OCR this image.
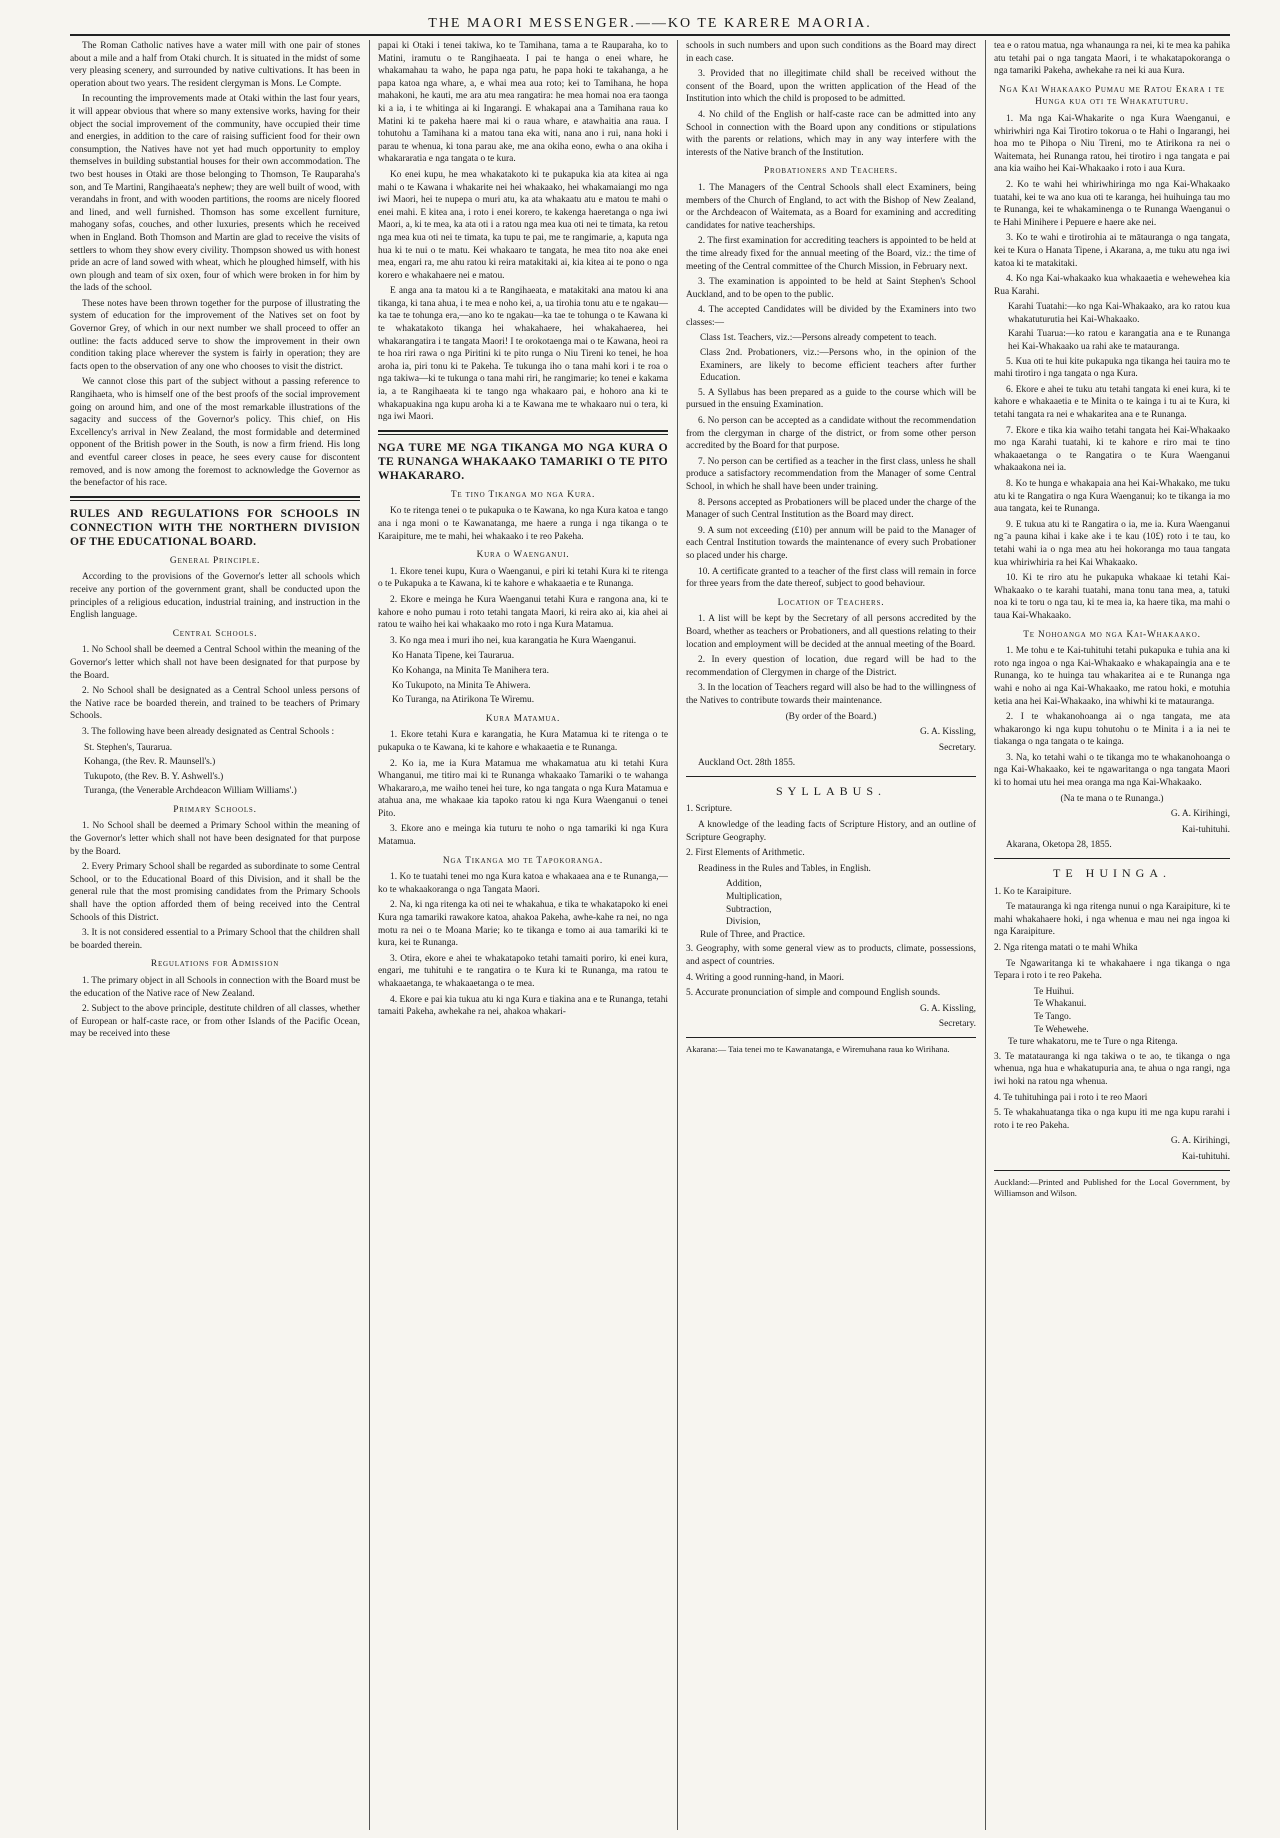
THE MAORI MESSENGER.——KO TE KARERE MAORIA.

The Roman Catholic natives have a water mill with one pair of stones about a mile and a half from Otaki church. It is situated in the midst of some very pleasing scenery, and surrounded by native cultivations. It has been in operation about two years. The resident clergyman is Mons. Le Compte.

In recounting the improvements made at Otaki within the last four years, it will appear obvious that where so many extensive works, having for their object the social improvement of the community, have occupied their time and energies, in addition to the care of raising sufficient food for their own consumption, the Natives have not yet had much opportunity to employ themselves in building substantial houses for their own accommodation. The two best houses in Otaki are those belonging to Thomson, Te Rauparaha's son, and Te Martini, Rangihaeata's nephew; they are well built of wood, with verandahs in front, and with wooden partitions, the rooms are nicely floored and lined, and well furnished. Thomson has some excellent furniture, mahogany sofas, couches, and other luxuries, presents which he received when in England. Both Thomson and Martin are glad to receive the visits of settlers to whom they show every civility. Thompson showed us with honest pride an acre of land sowed with wheat, which he ploughed himself, with his own plough and team of six oxen, four of which were broken in for him by the lads of the school.

These notes have been thrown together for the purpose of illustrating the system of education for the improvement of the Natives set on foot by Governor Grey, of which in our next number we shall proceed to offer an outline: the facts adduced serve to show the improvement in their own condition taking place wherever the system is fairly in operation; they are facts open to the observation of any one who chooses to visit the district.

We cannot close this part of the subject without a passing reference to Rangihaeta, who is himself one of the best proofs of the social improvement going on around him, and one of the most remarkable illustrations of the sagacity and success of the Governor's policy. This chief, on His Excellency's arrival in New Zealand, the most formidable and determined opponent of the British power in the South, is now a firm friend. His long and eventful career closes in peace, he sees every cause for discontent removed, and is now among the foremost to acknowledge the Governor as the benefactor of his race.

RULES AND REGULATIONS FOR SCHOOLS IN CONNECTION WITH THE NORTHERN DIVISION OF THE EDUCATIONAL BOARD.
General Principle.

According to the provisions of the Governor's letter all schools which receive any portion of the government grant, shall be conducted upon the principles of a religious education, industrial training, and instruction in the English language.

Central Schools.

1. No School shall be deemed a Central School within the meaning of the Governor's letter which shall not have been designated for that purpose by the Board.

2. No School shall be designated as a Central School unless persons of the Native race be boarded therein, and trained to be teachers of Primary Schools.

3. The following have been already designated as Central Schools :

St. Stephen's, Taurarua.

Kohanga, (the Rev. R. Maunsell's.)

Tukupoto, (the Rev. B. Y. Ashwell's.)

Turanga, (the Venerable Archdeacon William Williams'.)

Primary Schools.

1. No School shall be deemed a Primary School within the meaning of the Governor's letter which shall not have been designated for that purpose by the Board.

2. Every Primary School shall be regarded as subordinate to some Central School, or to the Educational Board of this Division, and it shall be the general rule that the most promising candidates from the Primary Schools shall have the option afforded them of being received into the Central Schools of this District.

3. It is not considered essential to a Primary School that the children shall be boarded therein.

Regulations for Admission

1. The primary object in all Schools in connection with the Board must be the education of the Native race of New Zealand.

2. Subject to the above principle, destitute children of all classes, whether of European or half-caste race, or from other Islands of the Pacific Ocean, may be received into these

papai ki Otaki i tenei takiwa, ko te Tamihana, tama a te Rauparaha, ko to Matini, iramutu o te Rangihaeata. I pai te hanga o enei whare, he whakamahau ta waho, he papa nga patu, he papa hoki te takahanga, a he papa katoa nga whare, a, e whai mea aua roto; kei to Tamihana, he hopa mahakoni, he kauti, me ara atu mea rangatira: he mea homai noa era taonga ki a ia, i te whitinga ai ki Ingarangi. E whakapai ana a Tamihana raua ko Matini ki te pakeha haere mai ki o raua whare, e atawhaitia ana raua. I tohutohu a Tamihana ki a matou tana eka witi, nana ano i rui, nana hoki i parau te whenua, ki tona parau ake, me ana okiha eono, ewha o ana okiha i whakararatia e nga tangata o te kura.

Ko enei kupu, he mea whakatakoto ki te pukapuka kia ata kitea ai nga mahi o te Kawana i whakarite nei hei whakaako, hei whakamaiangi mo nga iwi Maori, hei te nupepa o muri atu, ka ata whakaatu atu e matou te mahi o enei mahi. E kitea ana, i roto i enei korero, te kakenga haeretanga o nga iwi Maori, a, ki te mea, ka ata oti i a ratou nga mea kua oti nei te timata, ka retou nga mea kua oti nei te timata, ka tupu te pai, me te rangimarie, a, kaputa nga hua ki te nui o te matu. Kei whakaaro te tangata, he mea tito noa ake enei mea, engari ra, me ahu ratou ki reira matakitaki ai, kia kitea ai te pono o nga korero e whakahaere nei e matou.

E anga ana ta matou ki a te Rangihaeata, e matakitaki ana matou ki ana tikanga, ki tana ahua, i te mea e noho kei, a, ua tirohia tonu atu e te ngakau—ka tae te tohunga era,—ano ko te ngakau—ka tae te tohunga o te Kawana ki te whakatakoto tikanga hei whakahaere, hei whakahaerea, hei whakarangatira i te tangata Maori! I te orokotaenga mai o te Kawana, heoi ra te hoa riri rawa o nga Piritini ki te pito runga o Niu Tireni ko tenei, he hoa aroha ia, piri tonu ki te Pakeha. Te tukunga iho o tana mahi kori i te roa o nga takiwa—ki te tukunga o tana mahi riri, he rangimarie; ko tenei e kakama ia, a te Rangihaeata ki te tango nga whakaaro pai, e hohoro ana ki te whakapuakina nga kupu aroha ki a te Kawana me te whakaaro nui o tera, ki nga iwi Maori.

NGA TURE ME NGA TIKANGA MO NGA KURA O TE RUNANGA WHAKAAKO TAMARIKI O TE PITO WHAKARARO.
Te tino Tikanga mo nga Kura.

Ko te ritenga tenei o te pukapuka o te Kawana, ko nga Kura katoa e tango ana i nga moni o te Kawanatanga, me haere a runga i nga tikanga o te Karaipiture, me te mahi, hei whakaako i te reo Pakeha.

Kura o Waenganui.

1. Ekore tenei kupu, Kura o Waenganui, e piri ki tetahi Kura ki te ritenga o te Pukapuka a te Kawana, ki te kahore e whakaaetia e te Runanga.

2. Ekore e meinga he Kura Waenganui tetahi Kura e rangona ana, ki te kahore e noho pumau i roto tetahi tangata Maori, ki reira ako ai, kia ahei ai ratou te waiho hei kai whakaako mo roto i nga Kura Matamua.

3. Ko nga mea i muri iho nei, kua karangatia he Kura Waenganui.

Ko Hanata Tipene, kei Taurarua.

Ko Kohanga, na Minita Te Manihera tera.

Ko Tukupoto, na Minita Te Ahiwera.

Ko Turanga, na Atirikona Te Wiremu.

Kura Matamua.

1. Ekore tetahi Kura e karangatia, he Kura Matamua ki te ritenga o te pukapuka o te Kawana, ki te kahore e whakaaetia e te Runanga.

2. Ko ia, me ia Kura Matamua me whakamatua atu ki tetahi Kura Whanganui, me titiro mai ki te Runanga whakaako Tamariki o te wahanga Whakararo,a, me waiho tenei hei ture, ko nga tangata o nga Kura Matamua e atahua ana, me whakaae kia tapoko ratou ki nga Kura Waenganui o tenei Pito.

3. Ekore ano e meinga kia tuturu te noho o nga tamariki ki nga Kura Matamua.

Nga Tikanga mo te Tapokoranga.

1. Ko te tuatahi tenei mo nga Kura katoa e whakaaea ana e te Runanga,—ko te whakaakoranga o nga Tangata Maori.

2. Na, ki nga ritenga ka oti nei te whakahua, e tika te whakatapoko ki enei Kura nga tamariki rawakore katoa, ahakoa Pakeha, awhe-kahe ra nei, no nga motu ra nei o te Moana Marie; ko te tikanga e tomo ai aua tamariki ki te kura, kei te Runanga.

3. Otira, ekore e ahei te whakatapoko tetahi tamaiti poriro, ki enei kura, engari, me tuhituhi e te rangatira o te Kura ki te Runanga, ma ratou te whakaaetanga, te whakaaetanga o te mea.

4. Ekore e pai kia tukua atu ki nga Kura e tiakina ana e te Runanga, tetahi tamaiti Pakeha, awhekahe ra nei, ahakoa whakari-

schools in such numbers and upon such conditions as the Board may direct in each case.

3. Provided that no illegitimate child shall be received without the consent of the Board, upon the written application of the Head of the Institution into which the child is proposed to be admitted.

4. No child of the English or half-caste race can be admitted into any School in connection with the Board upon any conditions or stipulations with the parents or relations, which may in any way interfere with the interests of the Native branch of the Institution.

Probationers and Teachers.

1. The Managers of the Central Schools shall elect Examiners, being members of the Church of England, to act with the Bishop of New Zealand, or the Archdeacon of Waitemata, as a Board for examining and accrediting candidates for native teacherships.

2. The first examination for accrediting teachers is appointed to be held at the time already fixed for the annual meeting of the Board, viz.: the time of meeting of the Central committee of the Church Mission, in February next.

3. The examination is appointed to be held at Saint Stephen's School Auckland, and to be open to the public.

4. The accepted Candidates will be divided by the Examiners into two classes:—

Class 1st. Teachers, viz.:—Persons already competent to teach.

Class 2nd. Probationers, viz.:—Persons who, in the opinion of the Examiners, are likely to become efficient teachers after further Education.

5. A Syllabus has been prepared as a guide to the course which will be pursued in the ensuing Examination.

6. No person can be accepted as a candidate without the recommendation from the clergyman in charge of the district, or from some other person accredited by the Board for that purpose.

7. No person can be certified as a teacher in the first class, unless he shall produce a satisfactory recommendation from the Manager of some Central School, in which he shall have been under training.

8. Persons accepted as Probationers will be placed under the charge of the Manager of such Central Institution as the Board may direct.

9. A sum not exceeding (£10) per annum will be paid to the Manager of each Central Institution towards the maintenance of every such Probationer so placed under his charge.

10. A certificate granted to a teacher of the first class will remain in force for three years from the date thereof, subject to good behaviour.

Location of Teachers.

1. A list will be kept by the Secretary of all persons accredited by the Board, whether as teachers or Probationers, and all questions relating to their location and employment will be decided at the annual meeting of the Board.

2. In every question of location, due regard will be had to the recommendation of Clergymen in charge of the District.

3. In the location of Teachers regard will also be had to the willingness of the Natives to contribute towards their maintenance.

(By order of the Board.)

G. A. Kissling,

Secretary.

Auckland Oct. 28th 1855.

SYLLABUS.

1. Scripture.

A knowledge of the leading facts of Scripture History, and an outline of Scripture Geography.

2. First Elements of Arithmetic.

Readiness in the Rules and Tables, in English.

Addition,

Multiplication,

Subtraction,

Division,

Rule of Three, and Practice.

3. Geography, with some general view as to products, climate, possessions, and aspect of countries.

4. Writing a good running-hand, in Maori.

5. Accurate pronunciation of simple and compound English sounds.

G. A. Kissling,

Secretary.

Akarana:— Taia tenei mo te Kawanatanga, e Wiremuhana raua ko Wirihana.

tea e o ratou matua, nga whanaunga ra nei, ki te mea ka pahika atu tetahi pai o nga tangata Maori, i te whakatapokoranga o nga tamariki Pakeha, awhekahe ra nei ki aua Kura.

Nga Kai Whakaako Pumau me Ratou Ekara i te Hunga kua oti te Whakatuturu.

1. Ma nga Kai-Whakarite o nga Kura Waenganui, e whiriwhiri nga Kai Tirotiro tokorua o te Hahi o Ingarangi, hei hoa mo te Pihopa o Niu Tireni, mo te Atirikona ra nei o Waitemata, hei Runanga ratou, hei tirotiro i nga tangata e pai ana kia waiho hei Kai-Whakaako i roto i aua Kura.

2. Ko te wahi hei whiriwhiringa mo nga Kai-Whakaako tuatahi, kei te wa ano kua oti te karanga, hei huihuinga tau mo te Runanga, kei te whakaminenga o te Runanga Waenganui o te Hahi Minihere i Pepuere e haere ake nei.

3. Ko te wahi e tirotirohia ai te mātauranga o nga tangata, kei te Kura o Hanata Tipene, i Akarana, a, me tuku atu nga iwi katoa ki te matakitaki.

4. Ko nga Kai-whakaako kua whakaaetia e wehewehea kia Rua Karahi.

Karahi Tuatahi:—ko nga Kai-Whakaako, ara ko ratou kua whakatuturutia hei Kai-Whakaako.

Karahi Tuarua:—ko ratou e karangatia ana e te Runanga hei Kai-Whakaako ua rahi ake te matauranga.

5. Kua oti te hui kite pukapuka nga tikanga hei tauira mo te mahi tirotiro i nga tangata o nga Kura.

6. Ekore e ahei te tuku atu tetahi tangata ki enei kura, ki te kahore e whakaaetia e te Minita o te kainga i tu ai te Kura, ki tetahi tangata ra nei e whakaritea ana e te Runanga.

7. Ekore e tika kia waiho tetahi tangata hei Kai-Whakaako mo nga Karahi tuatahi, ki te kahore e riro mai te tino whakaaetanga o te Rangatira o te Kura Waenganui whakaakona nei ia.

8. Ko te hunga e whakapaia ana hei Kai-Whakako, me tuku atu ki te Rangatira o nga Kura Waenganui; ko te tikanga ia mo aua tangata, kei te Runanga.

9. E tukua atu ki te Rangatira o ia, me ia. Kura Waenganui ng ̄a pauna kihai i kake ake i te kau (10£) roto i te tau, ko tetahi wahi ia o nga mea atu hei hokoranga mo taua tangata kua whiriwhiria ra hei Kai Whakaako.

10. Ki te riro atu he pukapuka whakaae ki tetahi Kai-Whakaako o te karahi tuatahi, mana tonu tana mea, a, tatuki noa ki te toru o nga tau, ki te mea ia, ka haere tika, ma mahi o taua Kai-Whakaako.

Te Nohoanga mo nga Kai-Whakaako.

1. Me tohu e te Kai-tuhituhi tetahi pukapuka e tuhia ana ki roto nga ingoa o nga Kai-Whakaako e whakapaingia ana e te Runanga, ko te huinga tau whakaritea ai e te Runanga nga wahi e noho ai nga Kai-Whakaako, me ratou hoki, e motuhia ketia ana hei Kai-Whakaako, ina whiwhi ki te matauranga.

2. I te whakanohoanga ai o nga tangata, me ata whakarongo ki nga kupu tohutohu o te Minita i a ia nei te tiakanga o nga tangata o te kainga.

3. Na, ko tetahi wahi o te tikanga mo te whakanohoanga o nga Kai-Whakaako, kei te ngawaritanga o nga tangata Maori ki to homai utu hei mea oranga ma nga Kai-Whakaako.

(Na te mana o te Runanga.)

G. A. Kirihingi,

Kai-tuhituhi.

Akarana, Oketopa 28, 1855.

TE HUINGA.

1. Ko te Karaipiture.

Te matauranga ki nga ritenga nunui o nga Karaipiture, ki te mahi whakahaere hoki, i nga whenua e mau nei nga ingoa ki nga Karaipiture.

2. Nga ritenga matati o te mahi Whika

Te Ngawaritanga ki te whakahaere i nga tikanga o nga Tepara i roto i te reo Pakeha.

Te Huihui.

Te Whakanui.

Te Tango.

Te Wehewehe.

Te ture whakatoru, me te Ture o nga Ritenga.

3. Te matatauranga ki nga takiwa o te ao, te tikanga o nga whenua, nga hua e whakatupuria ana, te ahua o nga rangi, nga iwi hoki na ratou nga whenua.

4. Te tuhituhinga pai i roto i te reo Maori

5. Te whakahuatanga tika o nga kupu iti me nga kupu rarahi i roto i te reo Pakeha.

G. A. Kirihingi,

Kai-tuhituhi.

Auckland:—Printed and Published for the Local Government, by Williamson and Wilson.
